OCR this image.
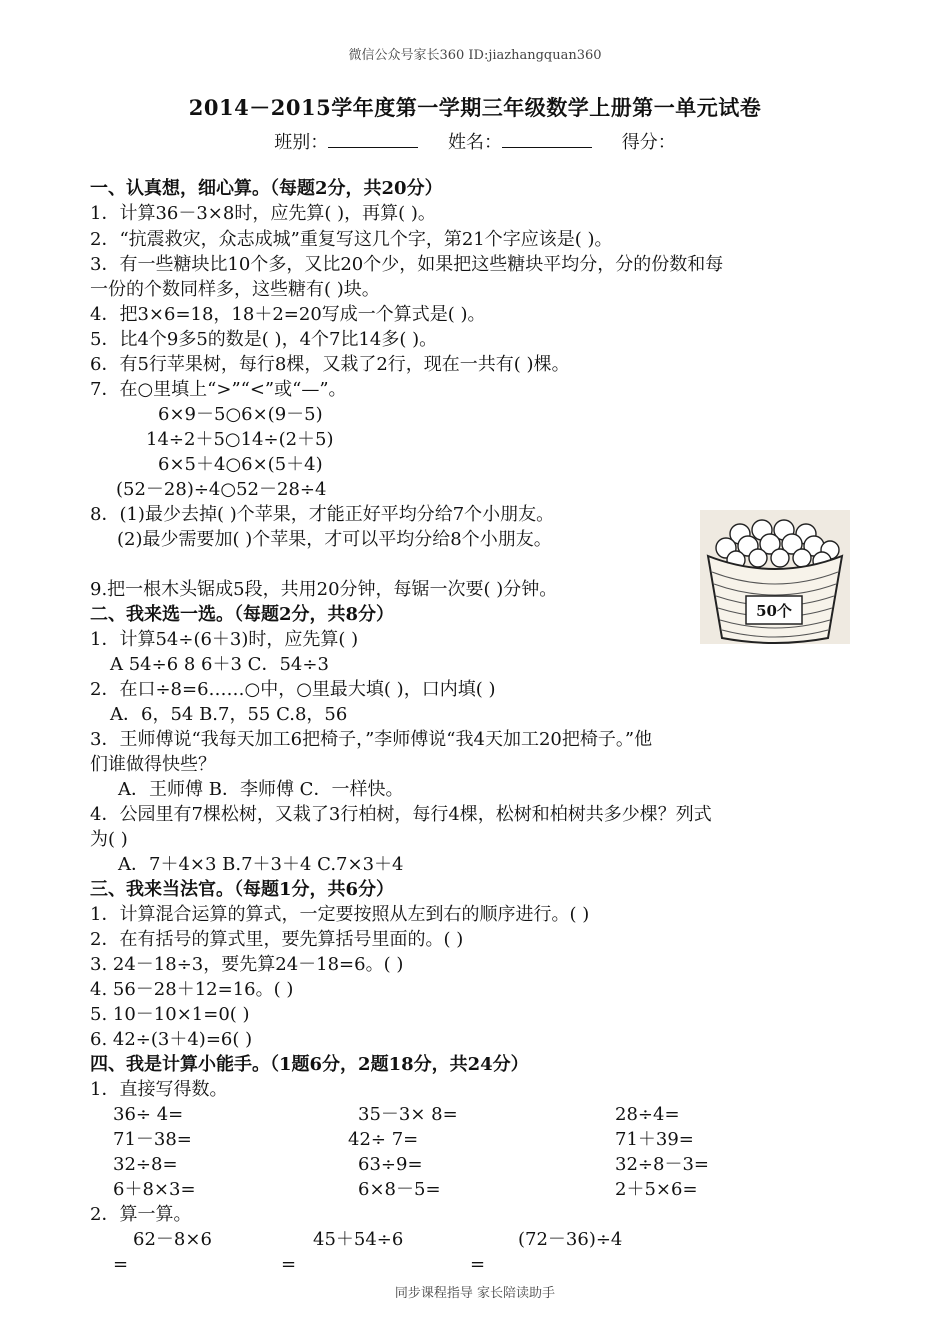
微信公众号家长360 ID:jiazhangquan360
2014－2015学年度第一学期三年级数学上册第一单元试卷
班别：	姓名：	得分：
一、认真想，细心算。（每题2分，共20分）
1．计算36－3×8时，应先算( )，再算( )。
2．“抗震救灾，众志成城”重复写这几个字，第21个字应该是( )。
3．有一些糖块比10个多，又比20个少，如果把这些糖块平均分，分的份数和每
一份的个数同样多，这些糖有( )块。
4．把3×6=18，18＋2=20写成一个算式是( )。
5．比4个9多5的数是( )，4个7比14多( )。
6．有5行苹果树，每行8棵，又栽了2行，现在一共有( )棵。
7．在○里填上“>”“<”或“—”。
6×9－5○6×(9－5)
14÷2＋5○14÷(2＋5)
6×5＋4○6×(5＋4)
(52－28)÷4○52－28÷4
8．(1)最少去掉( )个苹果，才能正好平均分给7个小朋友。
(2)最少需要加( )个苹果，才可以平均分给8个小朋友。
9.把一根木头锯成5段，共用20分钟，每锯一次要( )分钟。
50个
二、我来选一选。（每题2分，共8分）
1．计算54÷(6＋3)时，应先算( )
A 54÷6 8 6＋3 C．54÷3
2．在口÷8=6……○中，○里最大填( )，口内填( )
A．6，54 B.7，55 C.8，56
3．王师傅说“我每天加工6把椅子，”李师傅说“我4天加工20把椅子。”他
们谁做得快些？
A．王师傅 B．李师傅 C．一样快。
4．公园里有7棵松树，又栽了3行柏树，每行4棵，松树和柏树共多少棵？列式
为( )
A．7＋4×3 B.7＋3＋4 C.7×3＋4
三、我来当法官。（每题1分，共6分）
1．计算混合运算的算式，一定要按照从左到右的顺序进行。( )
2．在有括号的算式里，要先算括号里面的。( )
3. 24－18÷3，要先算24－18=6。( )
4. 56－28＋12=16。( )
5. 10－10×1=0( )
6. 42÷(3＋4)=6( )
四、我是计算小能手。（1题6分，2题18分，共24分）
1．直接写得数。
36÷ 4=	35－3× 8=	28÷4=
71－38=	42÷ 7=	71＋39=
32÷8=	63÷9=	32÷8－3=
6＋8×3=	6×8－5=	2＋5×6=
2．算一算。
62－8×6	45＋54÷6	(72－36)÷4
=	=	=
同步课程指导 家长陪读助手
